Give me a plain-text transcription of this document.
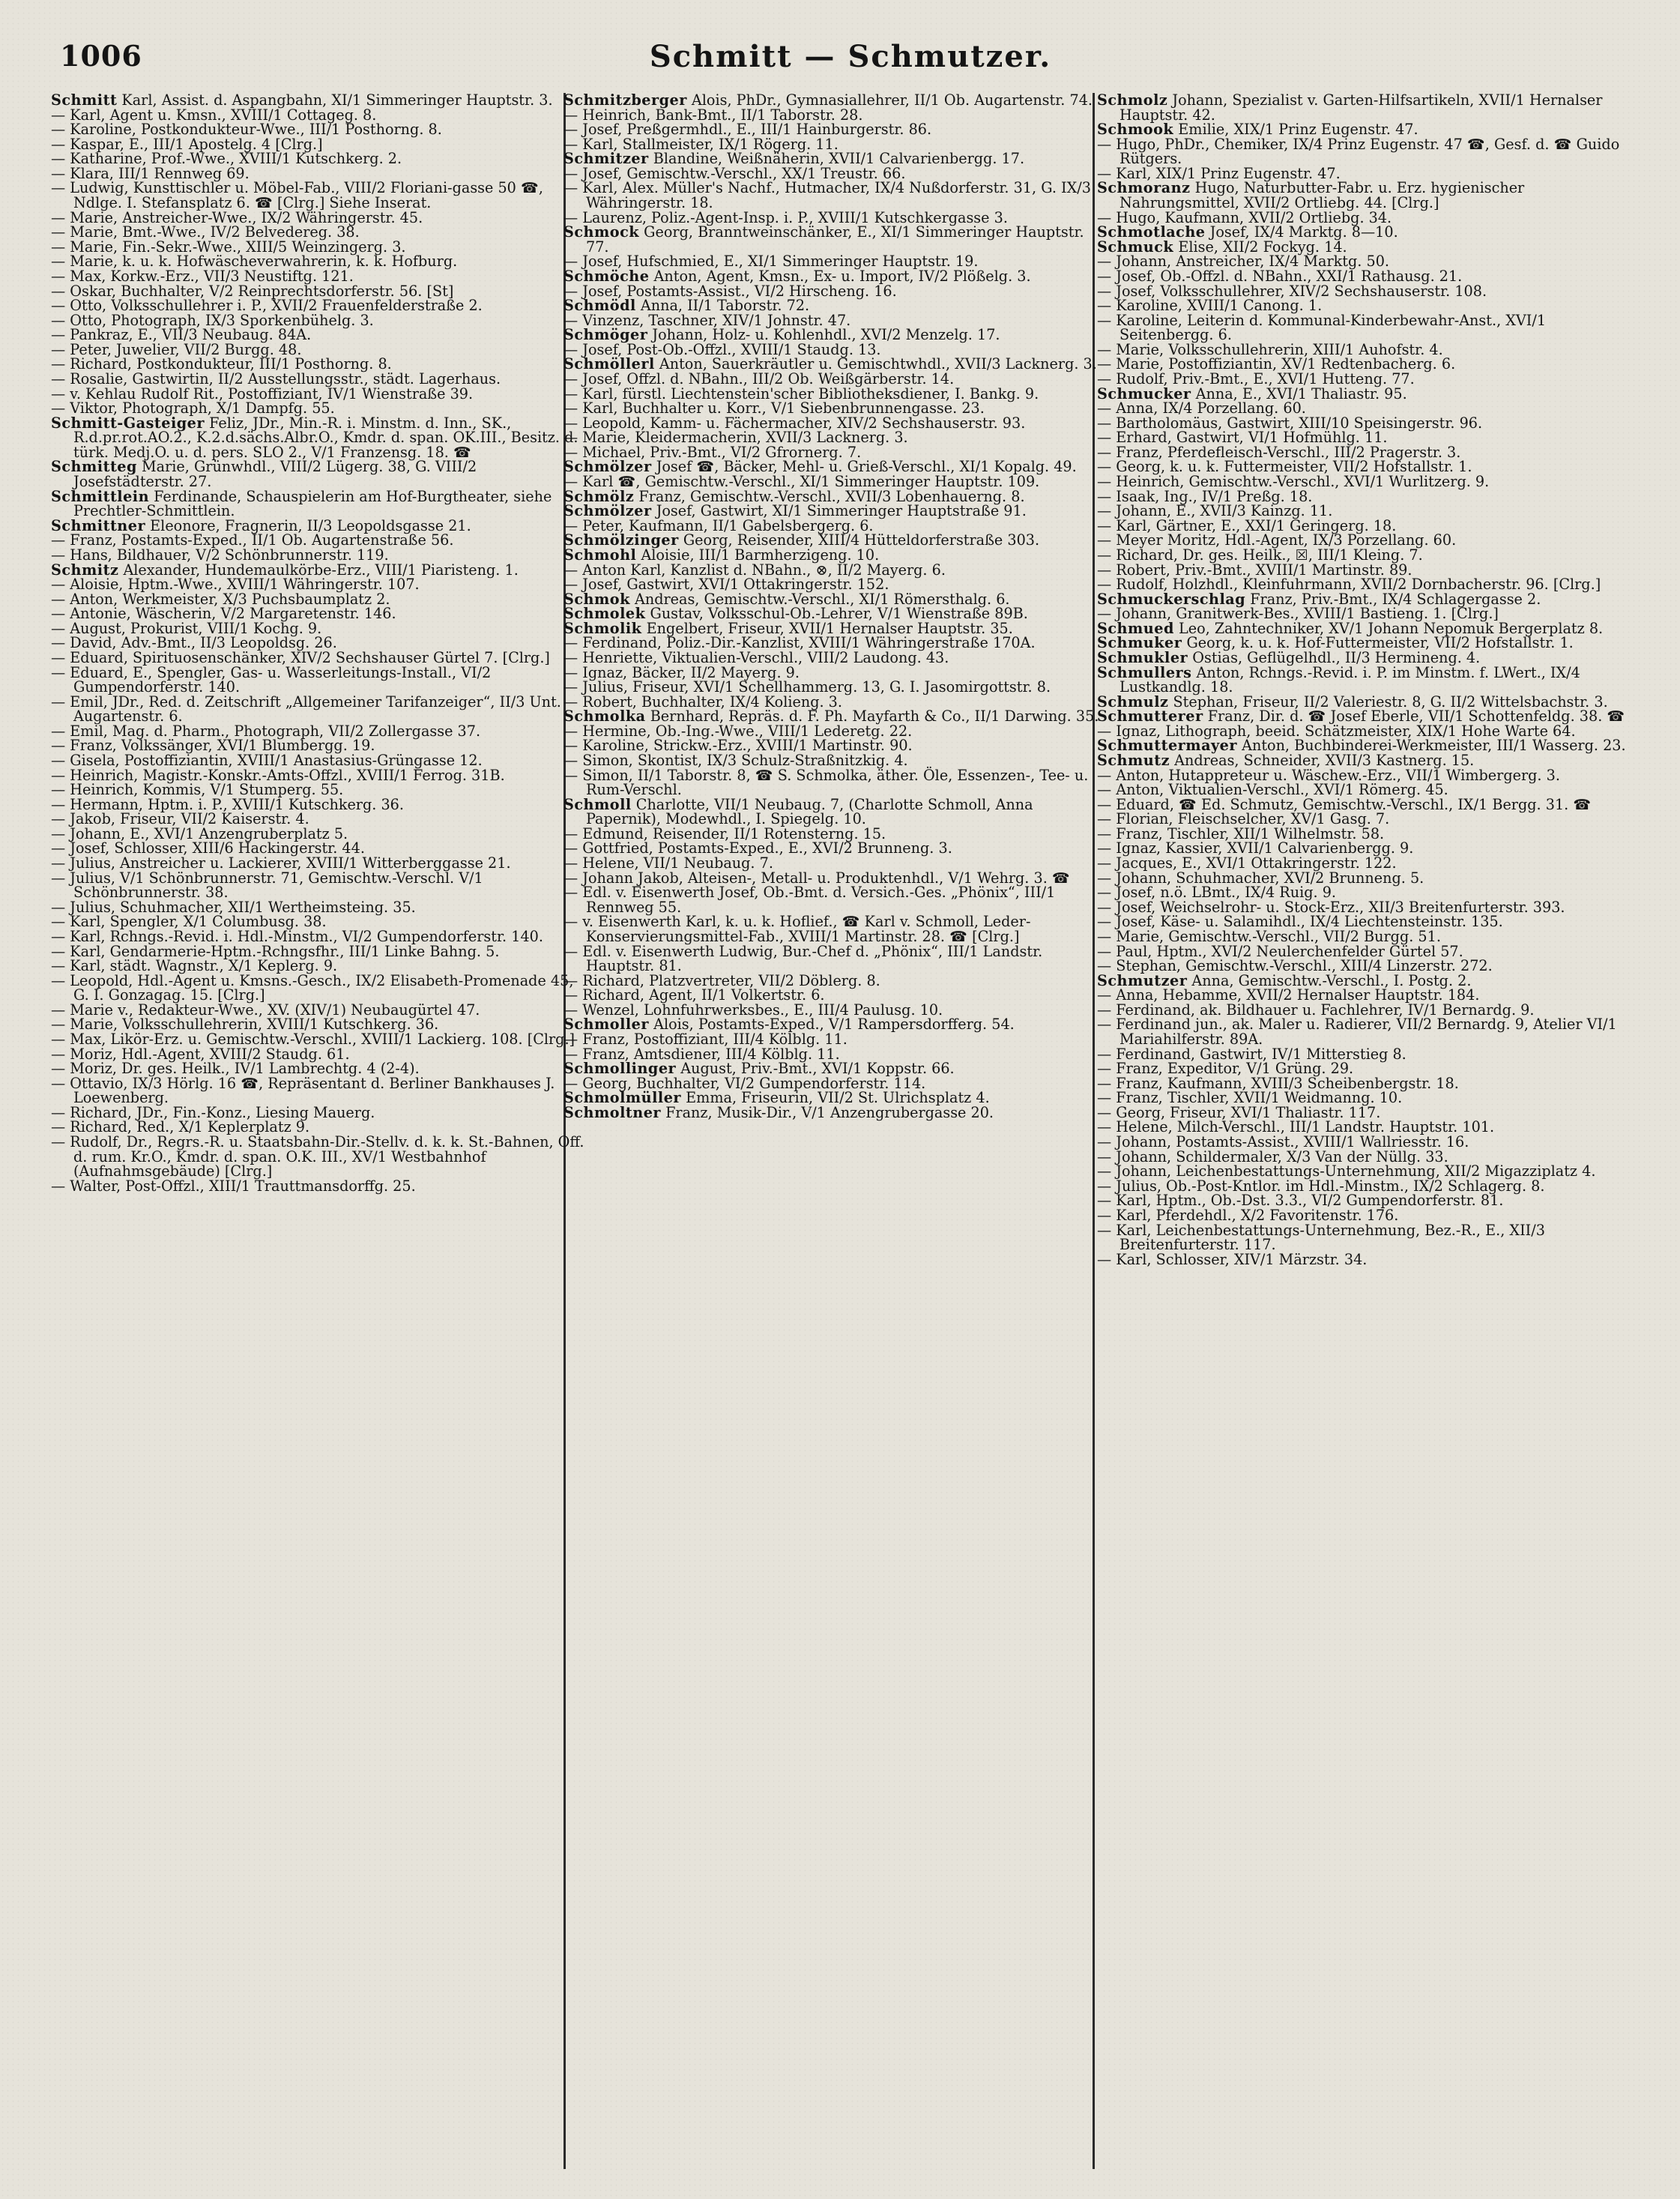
1006	Schmitt — Schmutzer.
Schmitt Karl, Assist. d. Aspangbahn, XI/1 Simmeringer Hauptstr. 3.
— Karl, Agent u. Kmsn., XVIII/1 Cottageg. 8.
— Karoline, Postkondukteur-Wwe., III/1 Posthorng. 8.
— Kaspar, E., III/1 Apostelg. 4 [Clrg.]
— Katharine, Prof.-Wwe., XVIII/1 Kutschkerg. 2.
— Klara, III/1 Rennweg 69.
— Ludwig, Kunsttischler u. Möbel-Fab., VIII/2 Floriani-gasse 50 ☎, Ndlge. I. Stefansplatz 6. ☎ [Clrg.] Siehe Inserat.
— Marie, Anstreicher-Wwe., IX/2 Währingerstr. 45.
— Marie, Bmt.-Wwe., IV/2 Belvedereg. 38.
— Marie, Fin.-Sekr.-Wwe., XIII/5 Weinzingerg. 3.
— Marie, k. u. k. Hofwäscheverwahrerin, k. k. Hofburg.
— Max, Korkw.-Erz., VII/3 Neustiftg. 121.
— Oskar, Buchhalter, V/2 Reinprechtsdorferstr. 56. [St]
— Otto, Volksschullehrer i. P., XVII/2 Frauenfelderstraße 2.
— Otto, Photograph, IX/3 Sporkenbühelg. 3.
— Pankraz, E., VII/3 Neubaug. 84A.
— Peter, Juwelier, VII/2 Burgg. 48.
— Richard, Postkondukteur, III/1 Posthorng. 8.
— Rosalie, Gastwirtin, II/2 Ausstellungsstr., städt. Lagerhaus.
— v. Kehlau Rudolf Rit., Postoffiziant, IV/1 Wienstraße 39.
— Viktor, Photograph, X/1 Dampfg. 55.
Schmitt-Gasteiger Feliz, JDr., Min.-R. i. Minstm. d. Inn., SK., R.d.pr.rot.AO.2., K.2.d.sächs.Albr.O., Kmdr. d. span. OK.III., Besitz. d. türk. Medj.O. u. d. pers. SLO 2., V/1 Franzensg. 18. ☎
Schmitteg Marie, Grünwhdl., VIII/2 Lügerg. 38, G. VIII/2 Josefstädterstr. 27.
Schmittlein Ferdinande, Schauspielerin am Hof-Burgtheater, siehe Prechtler-Schmittlein.
Schmittner Eleonore, Fragnerin, II/3 Leopoldsgasse 21.
— Franz, Postamts-Exped., II/1 Ob. Augartenstraße 56.
— Hans, Bildhauer, V/2 Schönbrunnerstr. 119.
Schmitz Alexander, Hundemaulkörbe-Erz., VIII/1 Piaristeng. 1.
— Aloisie, Hptm.-Wwe., XVIII/1 Währingerstr. 107.
— Anton, Werkmeister, X/3 Puchsbaumplatz 2.
— Antonie, Wäscherin, V/2 Margaretenstr. 146.
— August, Prokurist, VIII/1 Kochg. 9.
— David, Adv.-Bmt., II/3 Leopoldsg. 26.
— Eduard, Spirituosenschänker, XIV/2 Sechshauser Gürtel 7. [Clrg.]
— Eduard, E., Spengler, Gas- u. Wasserleitungs-Install., VI/2 Gumpendorferstr. 140.
— Emil, JDr., Red. d. Zeitschrift „Allgemeiner Tarifanzeiger“, II/3 Unt. Augartenstr. 6.
— Emil, Mag. d. Pharm., Photograph, VII/2 Zollergasse 37.
— Franz, Volkssänger, XVI/1 Blumbergg. 19.
— Gisela, Postoffiziantin, XVIII/1 Anastasius-Grüngasse 12.
— Heinrich, Magistr.-Konskr.-Amts-Offzl., XVIII/1 Ferrog. 31B.
— Heinrich, Kommis, V/1 Stumperg. 55.
— Hermann, Hptm. i. P., XVIII/1 Kutschkerg. 36.
— Jakob, Friseur, VII/2 Kaiserstr. 4.
— Johann, E., XVI/1 Anzengruberplatz 5.
— Josef, Schlosser, XIII/6 Hackingerstr. 44.
— Julius, Anstreicher u. Lackierer, XVIII/1 Witterberggasse 21.
— Julius, V/1 Schönbrunnerstr. 71, Gemischtw.-Verschl. V/1 Schönbrunnerstr. 38.
— Julius, Schuhmacher, XII/1 Wertheimsteing. 35.
— Karl, Spengler, X/1 Columbusg. 38.
— Karl, Rchngs.-Revid. i. Hdl.-Minstm., VI/2 Gumpendorferstr. 140.
— Karl, Gendarmerie-Hptm.-Rchngsfhr., III/1 Linke Bahng. 5.
— Karl, städt. Wagnstr., X/1 Keplerg. 9.
— Leopold, Hdl.-Agent u. Kmsns.-Gesch., IX/2 Elisabeth-Promenade 45, G. I. Gonzagag. 15. [Clrg.]
— Marie v., Redakteur-Wwe., XV. (XIV/1) Neubaugürtel 47.
— Marie, Volksschullehrerin, XVIII/1 Kutschkerg. 36.
— Max, Likör-Erz. u. Gemischtw.-Verschl., XVIII/1 Lackierg. 108. [Clrg.]
— Moriz, Hdl.-Agent, XVIII/2 Staudg. 61.
— Moriz, Dr. ges. Heilk., IV/1 Lambrechtg. 4 (2-4).
— Ottavio, IX/3 Hörlg. 16 ☎, Repräsentant d. Berliner Bankhauses J. Loewenberg.
— Richard, JDr., Fin.-Konz., Liesing Mauerg.
— Richard, Red., X/1 Keplerplatz 9.
— Rudolf, Dr., Regrs.-R. u. Staatsbahn-Dir.-Stellv. d. k. k. St.-Bahnen, Off. d. rum. Kr.O., Kmdr. d. span. O.K. III., XV/1 Westbahnhof (Aufnahmsgebäude) [Clrg.]
— Walter, Post-Offzl., XIII/1 Trauttmansdorffg. 25.
Schmitzberger Alois, PhDr., Gymnasiallehrer, II/1 Ob. Augartenstr. 74.
— Heinrich, Bank-Bmt., II/1 Taborstr. 28.
— Josef, Preßgermhdl., E., III/1 Hainburgerstr. 86.
— Karl, Stallmeister, IX/1 Rögerg. 11.
Schmitzer Blandine, Weißnäherin, XVII/1 Calvarienbergg. 17.
— Josef, Gemischtw.-Verschl., XX/1 Treustr. 66.
— Karl, Alex. Müller's Nachf., Hutmacher, IX/4 Nußdorferstr. 31, G. IX/3 Währingerstr. 18.
— Laurenz, Poliz.-Agent-Insp. i. P., XVIII/1 Kutschkergasse 3.
Schmock Georg, Branntweinschänker, E., XI/1 Simmeringer Hauptstr. 77.
— Josef, Hufschmied, E., XI/1 Simmeringer Hauptstr. 19.
Schmöche Anton, Agent, Kmsn., Ex- u. Import, IV/2 Plößelg. 3.
— Josef, Postamts-Assist., VI/2 Hirscheng. 16.
Schmödl Anna, II/1 Taborstr. 72.
— Vinzenz, Taschner, XIV/1 Johnstr. 47.
Schmöger Johann, Holz- u. Kohlenhdl., XVI/2 Menzelg. 17.
— Josef, Post-Ob.-Offzl., XVIII/1 Staudg. 13.
Schmöllerl Anton, Sauerkräutler u. Gemischtwhdl., XVII/3 Lacknerg. 3.
— Josef, Offzl. d. NBahn., III/2 Ob. Weißgärberstr. 14.
— Karl, fürstl. Liechtenstein'scher Bibliotheksdiener, I. Bankg. 9.
— Karl, Buchhalter u. Korr., V/1 Siebenbrunnengasse. 23.
— Leopold, Kamm- u. Fächermacher, XIV/2 Sechshauserstr. 93.
— Marie, Kleidermacherin, XVII/3 Lacknerg. 3.
— Michael, Priv.-Bmt., VI/2 Gfrornerg. 7.
Schmölzer Josef ☎, Bäcker, Mehl- u. Grieß-Verschl., XI/1 Kopalg. 49.
— Karl ☎, Gemischtw.-Verschl., XI/1 Simmeringer Hauptstr. 109.
Schmölz Franz, Gemischtw.-Verschl., XVII/3 Lobenhauerng. 8.
Schmölzer Josef, Gastwirt, XI/1 Simmeringer Hauptstraße 91.
— Peter, Kaufmann, II/1 Gabelsbergerg. 6.
Schmölzinger Georg, Reisender, XIII/4 Hütteldorferstraße 303.
Schmohl Aloisie, III/1 Barmherzigeng. 10.
— Anton Karl, Kanzlist d. NBahn., ⊗, II/2 Mayerg. 6.
— Josef, Gastwirt, XVI/1 Ottakringerstr. 152.
Schmok Andreas, Gemischtw.-Verschl., XI/1 Römersthalg. 6.
Schmolek Gustav, Volksschul-Ob.-Lehrer, V/1 Wienstraße 89B.
Schmolik Engelbert, Friseur, XVII/1 Hernalser Hauptstr. 35.
— Ferdinand, Poliz.-Dir.-Kanzlist, XVIII/1 Währingerstraße 170A.
— Henriette, Viktualien-Verschl., VIII/2 Laudong. 43.
— Ignaz, Bäcker, II/2 Mayerg. 9.
— Julius, Friseur, XVI/1 Schellhammerg. 13, G. I. Jasomirgottstr. 8.
— Robert, Buchhalter, IX/4 Kolieng. 3.
Schmolka Bernhard, Repräs. d. F. Ph. Mayfarth & Co., II/1 Darwing. 35.
— Hermine, Ob.-Ing.-Wwe., VIII/1 Lederetg. 22.
— Karoline, Strickw.-Erz., XVIII/1 Martinstr. 90.
— Simon, Skontist, IX/3 Schulz-Straßnitzkig. 4.
— Simon, II/1 Taborstr. 8, ☎ S. Schmolka, äther. Öle, Essenzen-, Tee- u. Rum-Verschl.
Schmoll Charlotte, VII/1 Neubaug. 7, (Charlotte Schmoll, Anna Papernik), Modewhdl., I. Spiegelg. 10.
— Edmund, Reisender, II/1 Rotensterng. 15.
— Gottfried, Postamts-Exped., E., XVI/2 Brunneng. 3.
— Helene, VII/1 Neubaug. 7.
— Johann Jakob, Alteisen-, Metall- u. Produktenhdl., V/1 Wehrg. 3. ☎
— Edl. v. Eisenwerth Josef, Ob.-Bmt. d. Versich.-Ges. „Phönix“, III/1 Rennweg 55.
— v. Eisenwerth Karl, k. u. k. Hoflief., ☎ Karl v. Schmoll, Leder-Konservierungsmittel-Fab., XVIII/1 Martinstr. 28. ☎ [Clrg.]
— Edl. v. Eisenwerth Ludwig, Bur.-Chef d. „Phönix“, III/1 Landstr. Hauptstr. 81.
— Richard, Platzvertreter, VII/2 Döblerg. 8.
— Richard, Agent, II/1 Volkertstr. 6.
— Wenzel, Lohnfuhrwerksbes., E., III/4 Paulusg. 10.
Schmoller Alois, Postamts-Exped., V/1 Rampersdorfferg. 54.
— Franz, Postoffiziant, III/4 Kölblg. 11.
— Franz, Amtsdiener, III/4 Kölblg. 11.
Schmollinger August, Priv.-Bmt., XVI/1 Koppstr. 66.
— Georg, Buchhalter, VI/2 Gumpendorferstr. 114.
Schmolmüller Emma, Friseurin, VII/2 St. Ulrichsplatz 4.
Schmoltner Franz, Musik-Dir., V/1 Anzengrubergasse 20.
Schmolz Johann, Spezialist v. Garten-Hilfsartikeln, XVII/1 Hernalser Hauptstr. 42.
Schmook Emilie, XIX/1 Prinz Eugenstr. 47.
— Hugo, PhDr., Chemiker, IX/4 Prinz Eugenstr. 47 ☎, Gesf. d. ☎ Guido Rütgers.
— Karl, XIX/1 Prinz Eugenstr. 47.
Schmoranz Hugo, Naturbutter-Fabr. u. Erz. hygienischer Nahrungsmittel, XVII/2 Ortliebg. 44. [Clrg.]
— Hugo, Kaufmann, XVII/2 Ortliebg. 34.
Schmotlache Josef, IX/4 Marktg. 8—10.
Schmuck Elise, XII/2 Fockyg. 14.
— Johann, Anstreicher, IX/4 Marktg. 50.
— Josef, Ob.-Offzl. d. NBahn., XXI/1 Rathausg. 21.
— Josef, Volksschullehrer, XIV/2 Sechshauserstr. 108.
— Karoline, XVIII/1 Canong. 1.
— Karoline, Leiterin d. Kommunal-Kinderbewahr-Anst., XVI/1 Seitenbergg. 6.
— Marie, Volksschullehrerin, XIII/1 Auhofstr. 4.
— Marie, Postoffiziantin, XV/1 Redtenbacherg. 6.
— Rudolf, Priv.-Bmt., E., XVI/1 Hutteng. 77.
Schmucker Anna, E., XVI/1 Thaliastr. 95.
— Anna, IX/4 Porzellang. 60.
— Bartholomäus, Gastwirt, XIII/10 Speisingerstr. 96.
— Erhard, Gastwirt, VI/1 Hofmühlg. 11.
— Franz, Pferdefleisch-Verschl., III/2 Pragerstr. 3.
— Georg, k. u. k. Futtermeister, VII/2 Hofstallstr. 1.
— Heinrich, Gemischtw.-Verschl., XVI/1 Wurlitzerg. 9.
— Isaak, Ing., IV/1 Preßg. 18.
— Johann, E., XVII/3 Kainzg. 11.
— Karl, Gärtner, E., XXI/1 Geringerg. 18.
— Meyer Moritz, Hdl.-Agent, IX/3 Porzellang. 60.
— Richard, Dr. ges. Heilk., ☒, III/1 Kleing. 7.
— Robert, Priv.-Bmt., XVIII/1 Martinstr. 89.
— Rudolf, Holzhdl., Kleinfuhrmann, XVII/2 Dornbacherstr. 96. [Clrg.]
Schmuckerschlag Franz, Priv.-Bmt., IX/4 Schlagergasse 2.
— Johann, Granitwerk-Bes., XVIII/1 Bastieng. 1. [Clrg.]
Schmued Leo, Zahntechniker, XV/1 Johann Nepomuk Bergerplatz 8.
Schmuker Georg, k. u. k. Hof-Futtermeister, VII/2 Hofstallstr. 1.
Schmukler Ostias, Geflügelhdl., II/3 Hermineng. 4.
Schmullers Anton, Rchngs.-Revid. i. P. im Minstm. f. LWert., IX/4 Lustkandlg. 18.
Schmulz Stephan, Friseur, II/2 Valeriestr. 8, G. II/2 Wittelsbachstr. 3.
Schmutterer Franz, Dir. d. ☎ Josef Eberle, VII/1 Schottenfeldg. 38. ☎
— Ignaz, Lithograph, beeid. Schätzmeister, XIX/1 Hohe Warte 64.
Schmuttermayer Anton, Buchbinderei-Werkmeister, III/1 Wasserg. 23.
Schmutz Andreas, Schneider, XVII/3 Kastnerg. 15.
— Anton, Hutappreteur u. Wäschew.-Erz., VII/1 Wimbergerg. 3.
— Anton, Viktualien-Verschl., XVI/1 Römerg. 45.
— Eduard, ☎ Ed. Schmutz, Gemischtw.-Verschl., IX/1 Bergg. 31. ☎
— Florian, Fleischselcher, XV/1 Gasg. 7.
— Franz, Tischler, XII/1 Wilhelmstr. 58.
— Ignaz, Kassier, XVII/1 Calvarienbergg. 9.
— Jacques, E., XVI/1 Ottakringerstr. 122.
— Johann, Schuhmacher, XVI/2 Brunneng. 5.
— Josef, n.ö. LBmt., IX/4 Ruig. 9.
— Josef, Weichselrohr- u. Stock-Erz., XII/3 Breitenfurterstr. 393.
— Josef, Käse- u. Salamihdl., IX/4 Liechtensteinstr. 135.
— Marie, Gemischtw.-Verschl., VII/2 Burgg. 51.
— Paul, Hptm., XVI/2 Neulerchenfelder Gürtel 57.
— Stephan, Gemischtw.-Verschl., XIII/4 Linzerstr. 272.
Schmutzer Anna, Gemischtw.-Verschl., I. Postg. 2.
— Anna, Hebamme, XVII/2 Hernalser Hauptstr. 184.
— Ferdinand, ak. Bildhauer u. Fachlehrer, IV/1 Bernardg. 9.
— Ferdinand jun., ak. Maler u. Radierer, VII/2 Bernardg. 9, Atelier VI/1 Mariahilferstr. 89A.
— Ferdinand, Gastwirt, IV/1 Mitterstieg 8.
— Franz, Expeditor, V/1 Grüng. 29.
— Franz, Kaufmann, XVIII/3 Scheibenbergstr. 18.
— Franz, Tischler, XVII/1 Weidmanng. 10.
— Georg, Friseur, XVI/1 Thaliastr. 117.
— Helene, Milch-Verschl., III/1 Landstr. Hauptstr. 101.
— Johann, Postamts-Assist., XVIII/1 Wallriesstr. 16.
— Johann, Schildermaler, X/3 Van der Nüllg. 33.
— Johann, Leichenbestattungs-Unternehmung, XII/2 Migazziplatz 4.
— Julius, Ob.-Post-Kntlor. im Hdl.-Minstm., IX/2 Schlagerg. 8.
— Karl, Hptm., Ob.-Dst. 3.3., VI/2 Gumpendorferstr. 81.
— Karl, Pferdehdl., X/2 Favoritenstr. 176.
— Karl, Leichenbestattungs-Unternehmung, Bez.-R., E., XII/3 Breitenfurterstr. 117.
— Karl, Schlosser, XIV/1 Märzstr. 34.
